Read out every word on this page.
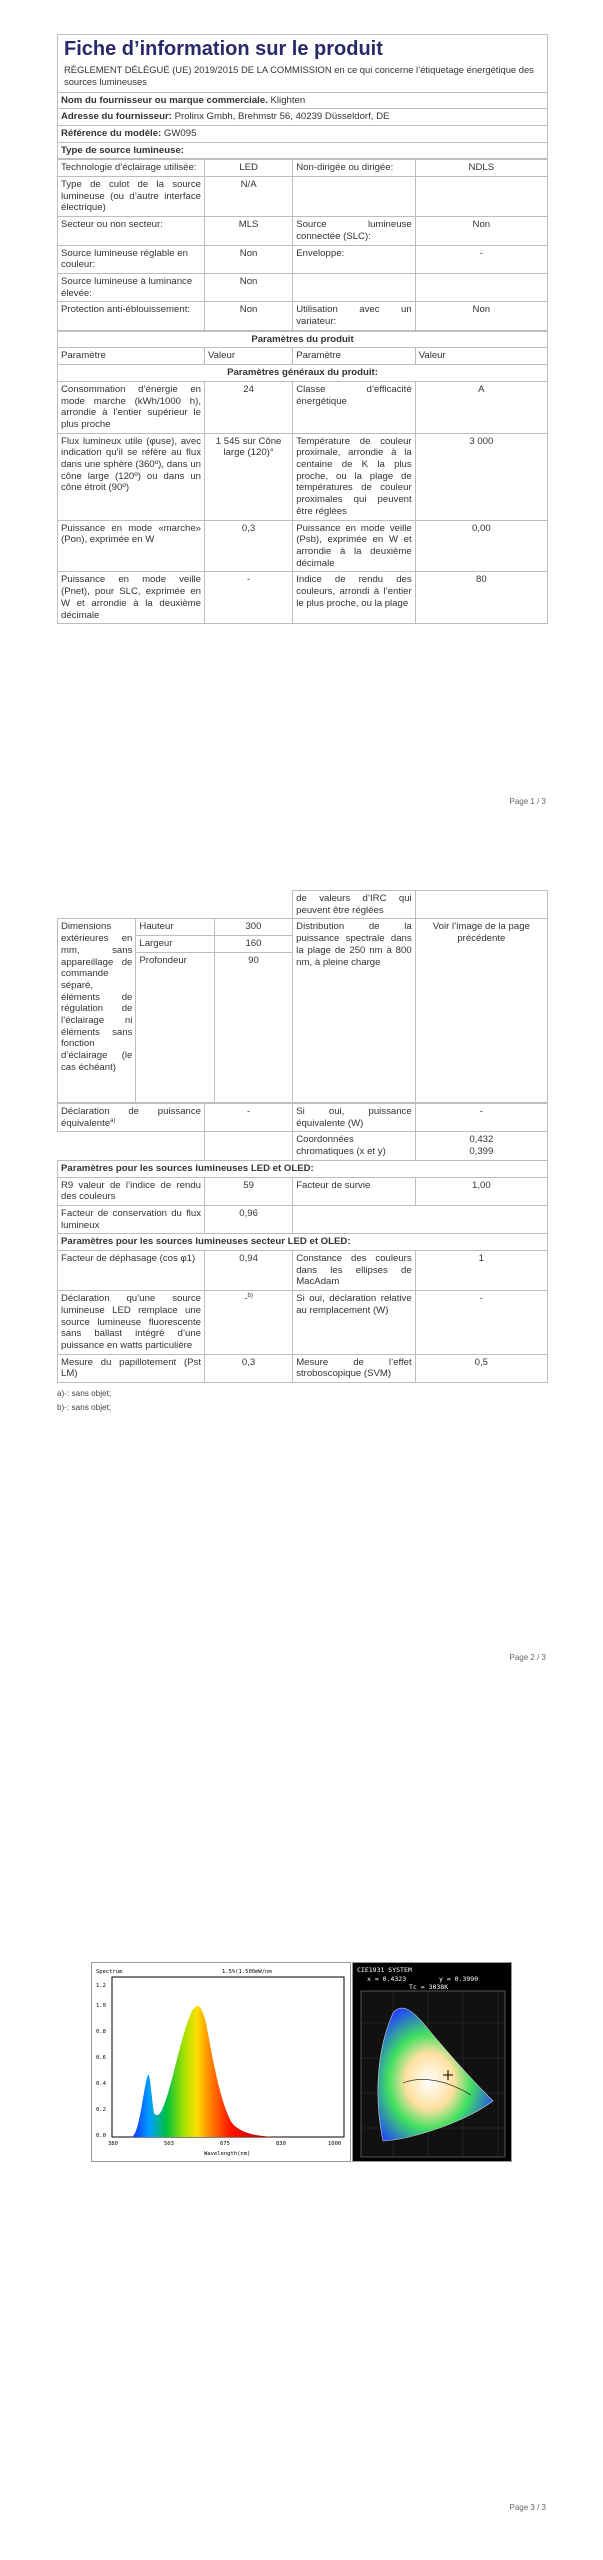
Fiche d’information sur le produit
RÈGLEMENT DÉLÉGUÉ (UE) 2019/2015 DE LA COMMISSION en ce qui concerne l’étiquetage énergétique des sources lumineuses
Nom du fournisseur ou marque commerciale. Klighten
Adresse du fournisseur: Prolinx Gmbh, Brehmstr 56, 40239 Düsseldorf, DE
Référence du modèle: GW095
Type de source lumineuse:
Technologie d’éclairage utilisée:	LED	Non-dirigée ou dirigée:	NDLS
Type de culot de la source lumineuse (ou d’autre interface électrique)	N/A		
Secteur ou non secteur:	MLS	Source lumineuse connectée (SLC):	Non
Source lumineuse réglable en couleur:	Non	Enveloppe:	-
Source lumineuse à luminance élevée:	Non		
Protection anti-éblouissement:	Non	Utilisation avec un variateur:	Non
Paramètres du produit			
Paramètre	Valeur	Paramètre	Valeur
Paramètres généraux du produit:			
Consommation d’énergie en mode marche (kWh/1000 h), arrondie à l’entier supérieur le plus proche	24	Classe d’efficacité énergétique	A
Flux lumineux utile (φuse), avec indication qu’il se réfère au flux dans une sphère (360º), dans un cône large (120º) ou dans un cône étroit (90º)	1 545 sur Cône large (120)°	Température de couleur proximale, arrondie à la centaine de K la plus proche, ou la plage de températures de couleur proximales qui peuvent être réglées	3 000
Puissance en mode «marche» (Pon), exprimée en W	0,3	Puissance en mode veille (Psb), exprimée en W et arrondie à la deuxième décimale	0,00
Puissance en mode veille (Pnet), pour SLC, exprimée en W et arrondie à la deuxième décimale	-	Indice de rendu des couleurs, arrondi à l’entier le plus proche, ou la plage	80
Page 1 / 3
			de valeurs d’IRC qui peuvent être réglées	
Dimensions extérieures en mm, sans appareillage de commande séparé, éléments de régulation de l’éclairage ni éléments sans fonction d’éclairage (le cas échéant)	Hauteur	300	Distribution de la puissance spectrale dans la plage de 250 nm à 800 nm, à pleine charge	Voir l’image de la page précédente
	Largeur	160		
	Profondeur	90		
Déclaration de puissance équivalente$^{a)}$	-	Si oui, puissance équivalente (W)	-
		Coordonnées chromatiques (x et y)	0,432
0,399

Paramètres pour les sources lumineuses LED et OLED:			
R9 valeur de l’indice de rendu des couleurs	59	Facteur de survie	1,00
Facteur de conservation du flux lumineux	0,96		
Paramètres pour les sources lumineuses secteur LED et OLED:			
Facteur de déphasage (cos φ1)	0,94	Constance des couleurs dans les ellipses de MacAdam	1
Déclaration qu’une source lumineuse LED remplace une source lumineuse fluorescente sans ballast intégré d’une puissance en watts particulière	-$^{b)}$	Si oui, déclaration relative au remplacement (W)	-
Mesure du papillotement (Pst LM)	0,3	Mesure de l’effet stroboscopique (SVM)	0,5
a)-: sans objet;
b)-: sans objet;
Page 2 / 3
Spectrum	1.5%(1.500mW/nm
1.2
1.0
0.8
0.6
0.4
0.2
0.0
380	503	675	830	1000
Wavelength(nm)
CIE1931 SYSTEM
x = 0.4323	y = 0.3990
Tc = 3038K
Page 3 / 3
